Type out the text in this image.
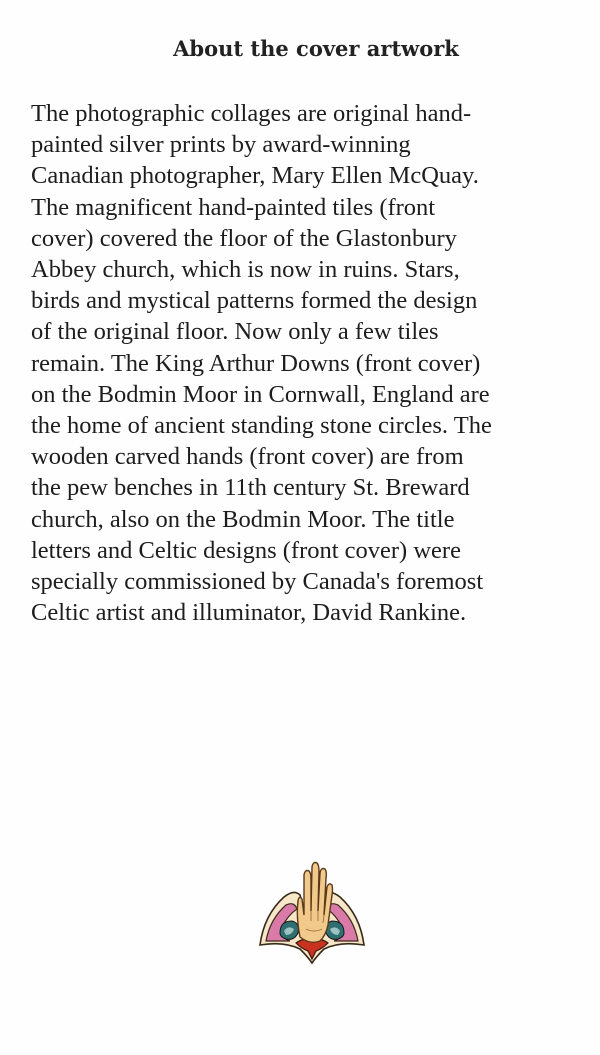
About the cover artwork

The photographic collages are original hand-
painted silver prints by award-winning
Canadian photographer, Mary Ellen McQuay.
The magnificent hand-painted tiles (front
cover) covered the floor of the Glastonbury
Abbey church, which is now in ruins. Stars,
birds and mystical patterns formed the design
of the original floor. Now only a few tiles
remain. The King Arthur Downs (front cover)
on the Bodmin Moor in Cornwall, England are
the home of ancient standing stone circles. The
wooden carved hands (front cover) are from
the pew benches in 11th century St. Breward
church, also on the Bodmin Moor. The title
letters and Celtic designs (front cover) were
specially commissioned by Canada's foremost
Celtic artist and illuminator, David Rankine.
